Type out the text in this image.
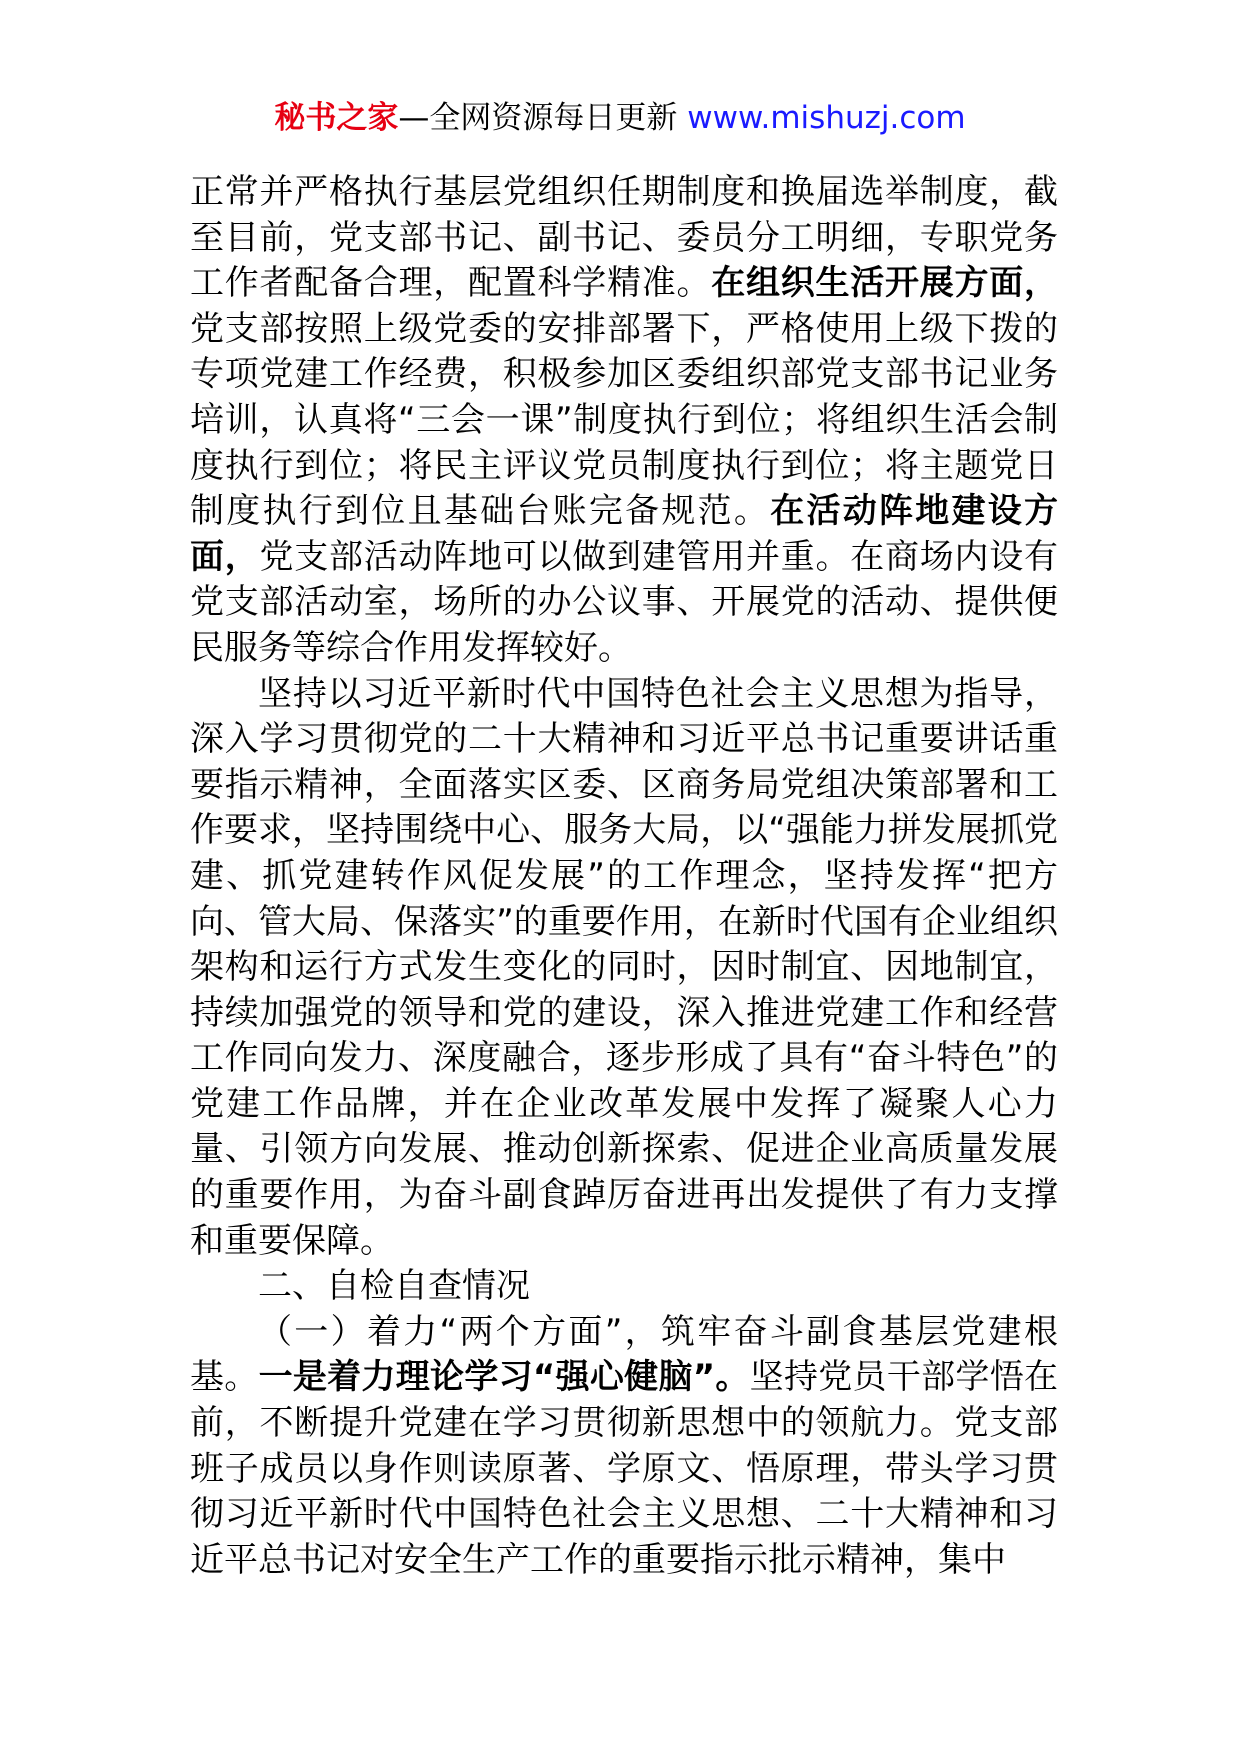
秘书之家—全网资源每日更新 www.mishuzj.com

正常并严格执行基层党组织任期制度和换届选举制度，截至目前，党支部书记、副书记、委员分工明细，专职党务工作者配备合理，配置科学精准。在组织生活开展方面，党支部按照上级党委的安排部署下，严格使用上级下拨的专项党建工作经费，积极参加区委组织部党支部书记业务培训，认真将“三会一课”制度执行到位；将组织生活会制度执行到位；将民主评议党员制度执行到位；将主题党日制度执行到位且基础台账完备规范。在活动阵地建设方面，党支部活动阵地可以做到建管用并重。在商场内设有党支部活动室，场所的办公议事、开展党的活动、提供便民服务等综合作用发挥较好。

坚持以习近平新时代中国特色社会主义思想为指导，深入学习贯彻党的二十大精神和习近平总书记重要讲话重要指示精神，全面落实区委、区商务局党组决策部署和工作要求，坚持围绕中心、服务大局，以“强能力拼发展抓党建、抓党建转作风促发展”的工作理念，坚持发挥“把方向、管大局、保落实”的重要作用，在新时代国有企业组织架构和运行方式发生变化的同时，因时制宜、因地制宜，持续加强党的领导和党的建设，深入推进党建工作和经营工作同向发力、深度融合，逐步形成了具有“奋斗特色”的党建工作品牌，并在企业改革发展中发挥了凝聚人心力量、引领方向发展、推动创新探索、促进企业高质量发展的重要作用，为奋斗副食踔厉奋进再出发提供了有力支撑和重要保障。

二、自检自查情况

（一）着力“两个方面”，筑牢奋斗副食基层党建根基。一是着力理论学习“强心健脑”。坚持党员干部学悟在前，不断提升党建在学习贯彻新思想中的领航力。党支部班子成员以身作则读原著、学原文、悟原理，带头学习贯彻习近平新时代中国特色社会主义思想、二十大精神和习近平总书记对安全生产工作的重要指示批示精神，集中
